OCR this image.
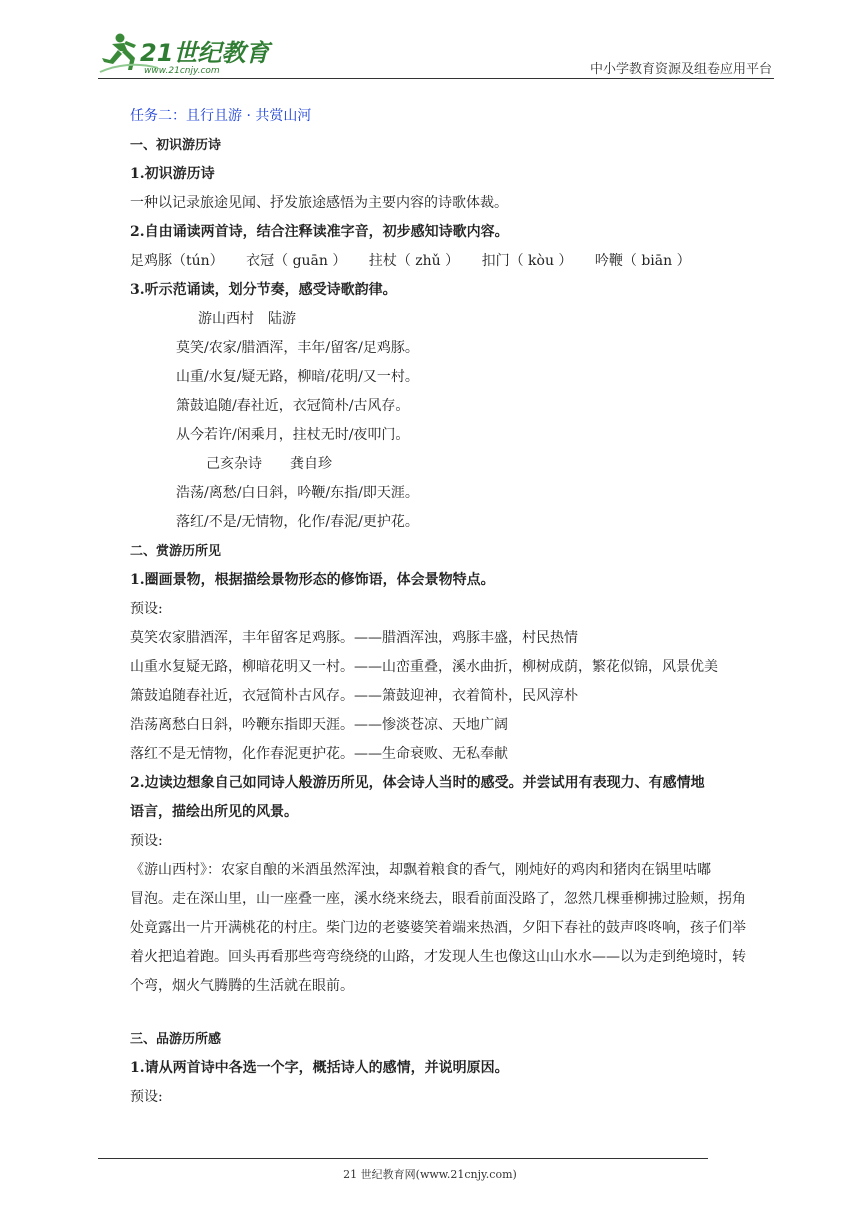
21世纪教育
www.21cnjy.com	中小学教育资源及组卷应用平台
任务二：且行且游 · 共赏山河
一、初识游历诗
1.初识游历诗
一种以记录旅途见闻、抒发旅途感悟为主要内容的诗歌体裁。
2.自由诵读两首诗，结合注释读准字音，初步感知诗歌内容。
足鸡豚（tún） 衣冠（ guān ） 拄杖（ zhǔ ） 扣门（ kòu ） 吟鞭（ biān ）
3.听示范诵读，划分节奏，感受诗歌韵律。
游山西村　陆游
莫笑/农家/腊酒浑，丰年/留客/足鸡豚。
山重/水复/疑无路，柳暗/花明/又一村。
箫鼓追随/春社近，衣冠简朴/古风存。
从今若许/闲乘月，拄杖无时/夜叩门。
己亥杂诗　　龚自珍
浩荡/离愁/白日斜，吟鞭/东指/即天涯。
落红/不是/无情物，化作/春泥/更护花。
二、赏游历所见
1.圈画景物，根据描绘景物形态的修饰语，体会景物特点。
预设:
莫笑农家腊酒浑，丰年留客足鸡豚。——腊酒浑浊，鸡豚丰盛，村民热情
山重水复疑无路，柳暗花明又一村。——山峦重叠，溪水曲折，柳树成荫，繁花似锦，风景优美
箫鼓追随春社近，衣冠简朴古风存。——箫鼓迎神，衣着简朴，民风淳朴
浩荡离愁白日斜，吟鞭东指即天涯。——惨淡苍凉、天地广阔
落红不是无情物，化作春泥更护花。——生命衰败、无私奉献
2.边读边想象自己如同诗人般游历所见，体会诗人当时的感受。并尝试用有表现力、有感情地
语言，描绘出所见的风景。
预设:
《游山西村》：农家自酿的米酒虽然浑浊，却飘着粮食的香气，刚炖好的鸡肉和猪肉在锅里咕嘟
冒泡。走在深山里，山一座叠一座，溪水绕来绕去，眼看前面没路了，忽然几棵垂柳拂过脸颊，拐角
处竟露出一片开满桃花的村庄。柴门边的老婆婆笑着端来热酒，夕阳下春社的鼓声咚咚响，孩子们举
着火把追着跑。回头再看那些弯弯绕绕的山路，才发现人生也像这山山水水——以为走到绝境时，转
个弯，烟火气腾腾的生活就在眼前。
三、品游历所感
1.请从两首诗中各选一个字，概括诗人的感情，并说明原因。
预设:
21 世纪教育网(www.21cnjy.com)
